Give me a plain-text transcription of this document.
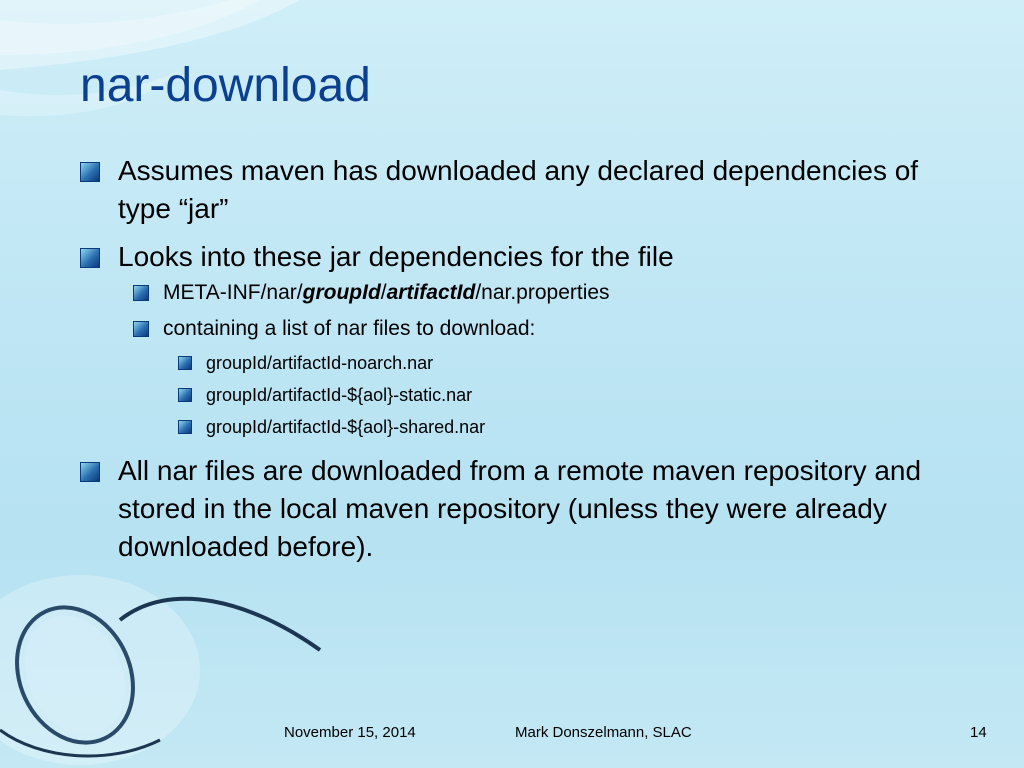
nar-download
Assumes maven has downloaded any declared dependencies of type “jar”
Looks into these jar dependencies for the file
META-INF/nar/groupId/artifactId/nar.properties
containing a list of nar files to download:
groupId/artifactId-noarch.nar
groupId/artifactId-${aol}-static.nar
groupId/artifactId-${aol}-shared.nar
All nar files are downloaded from a remote maven repository and stored in the local maven repository (unless they were already downloaded before).
November 15, 2014	Mark Donszelmann, SLAC	14
